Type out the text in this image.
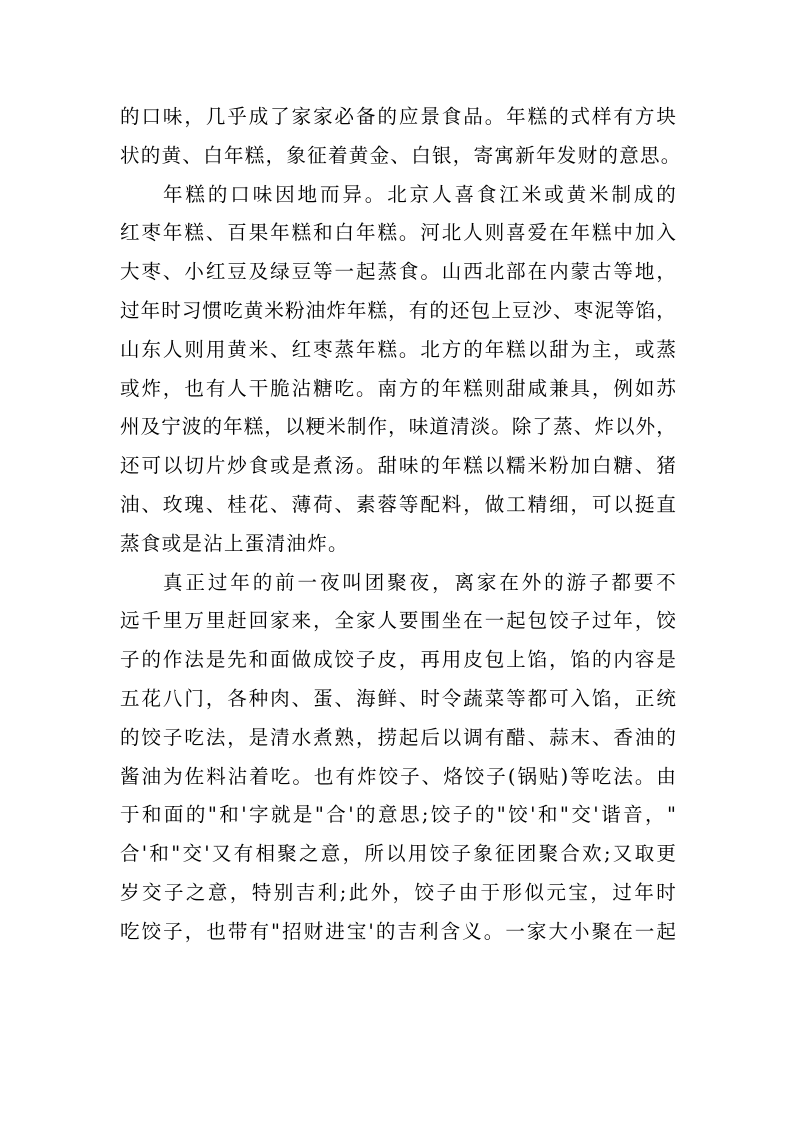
的 口 味 ， 几 乎 成 了 家 家 必 备 的 应 景 食 品 。 年 糕 的 式 样 有 方 块
状的黄、白年糕，象征着黄金、白银，寄寓新年发财的意思。
年 糕 的 口 味 因 地 而 异 。 北 京 人 喜 食 江 米 或 黄 米 制 成 的
红 枣 年 糕 、 百 果 年 糕 和 白 年 糕 。 河 北 人 则 喜 爱 在 年 糕 中 加 入
大 枣 、 小 红 豆 及 绿 豆 等 一 起 蒸 食 。 山 西 北 部 在 内 蒙 古 等 地 ，
过 年 时 习 惯 吃 黄 米 粉 油 炸 年 糕 ， 有 的 还 包 上 豆 沙 、 枣 泥 等 馅 ，
山 东 人 则 用 黄 米 、 红 枣 蒸 年 糕 。 北 方 的 年 糕 以 甜 为 主 ， 或 蒸
或 炸 ， 也 有 人 干 脆 沾 糖 吃 。 南 方 的 年 糕 则 甜 咸 兼 具 ， 例 如 苏
州 及 宁 波 的 年 糕 ， 以 粳 米 制 作 ， 味 道 清 淡 。 除 了 蒸 、 炸 以 外 ，
还 可 以 切 片 炒 食 或 是 煮 汤 。 甜 味 的 年 糕 以 糯 米 粉 加 白 糖 、 猪
油 、 玫 瑰 、 桂 花 、 薄 荷 、 素 蓉 等 配 料 ， 做 工 精 细 ， 可 以 挺 直
蒸食或是沾上蛋清油炸。
真 正 过 年 的 前 一 夜 叫 团 聚 夜 ， 离 家 在 外 的 游 子 都 要 不
远 千 里 万 里 赶 回 家 来 ， 全 家 人 要 围 坐 在 一 起 包 饺 子 过 年 ， 饺
子 的 作 法 是 先 和 面 做 成 饺 子 皮 ， 再 用 皮 包 上 馅 ， 馅 的 内 容 是
五 花 八 门 ， 各 种 肉 、 蛋 、 海 鲜 、 时 令 蔬 菜 等 都 可 入 馅 ， 正 统
的 饺 子 吃 法 ， 是 清 水 煮 熟 ， 捞 起 后 以 调 有 醋 、 蒜 末 、 香 油 的
酱 油 为 佐 料 沾 着 吃 。 也 有 炸 饺 子 、 烙 饺 子 ( 锅 贴 ) 等 吃 法 。 由
于 和 面 的 " 和 ' 字 就 是 " 合 ' 的 意 思 ; 饺 子 的 " 饺 ' 和 " 交 ' 谐 音 ， "
合 ' 和 " 交 ' 又 有 相 聚 之 意 ， 所 以 用 饺 子 象 征 团 聚 合 欢 ; 又 取 更
岁 交 子 之 意 ， 特 别 吉 利 ; 此 外 ， 饺 子 由 于 形 似 元 宝 ， 过 年 时
吃 饺 子 ， 也 带 有 " 招 财 进 宝 ' 的 吉 利 含 义 。 一 家 大 小 聚 在 一 起
